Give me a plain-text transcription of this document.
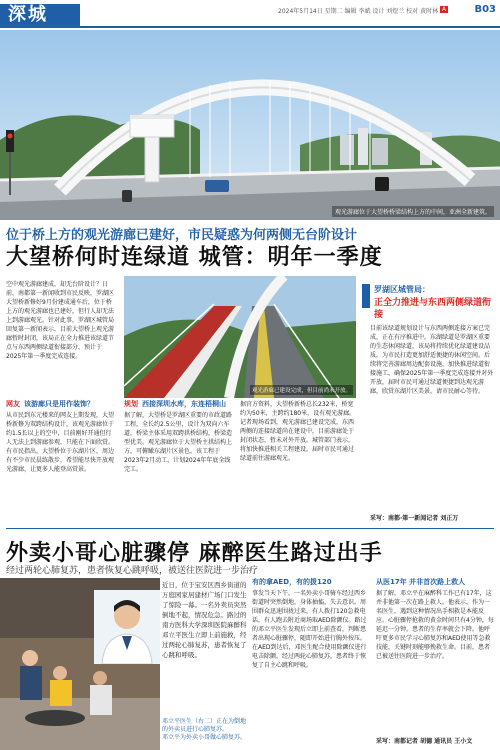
深城	2024年5月14日 星期二 编辑 李斌 设计 刘煜兰 校对 黄时林 A	B03
观光游廊位于大望桥桥梁结构上方的中间，亚洲全新建筑。
位于桥上方的观光游廊已建好，市民疑惑为何两侧无台阶设计
大望桥何时连绿道 城管：明年一季度

空中观光游廊建成，却无台阶设计？日前，南都第一新闻收到市民反映，罗湖区大望桥新修好9月份建成通车后，位于桥上方的观光游廊也已建好，但行人却无法上到游廊观光。针对此事，罗湖区城管局回复第一新闻表示，目前大望桥上观光游廊暂时封闭，该局正在全力推进该绿道节点与东西两侧绿道衔接部分，预计于2025年第一季度完成连接。

观光游廊已建设完成，但目前尚未开放。
罗湖区城管局：
正全力推进与东西两侧绿道衔接

目前该绿道规划设计与东西两侧连接方案已完成，正在有序推进中。东湖绿道是罗湖区重要的生态休闲绿道，该局将持续优化绿道建设品质，为市民打造更加舒适便捷的休闲空间。后续将完善游廊周边配套设施，加快推进绿道衔接施工，确保2025年第一季度完成连接并对外开放，届时市民可通过绿道便捷到达观光游廊，欣赏东湖片区美景，请市民耐心等待。

采写：南都·第一新闻记者 刘正万
网友 该游廊只是用作装饰？
从市民到东元楼来的网友上期发现，大望桥新修为双跨结构设计，该观光游廊位于约1.5长以上的空中，目前刚好开通但行人无法上到游廊参观，只能在下面欣赏。有市民指出，大望桥位于东湖片区，周边有不少市民晨练散步，希望能尽快开放观光游廊，让更多人能登高赏景。
规划 西接深圳水库，东连梧桐山
据了解，大望桥是罗湖区重要的市政道路工程，全长约2.5公里，设计为双向六车道，桥梁主体采用双跨拱桥结构，桥梁造型优美。观光游廊位于大望桥主拱结构上方，可俯瞰东湖片区景色。该工程于2023年2月动工，计划2024年年底全线完工。
据官方资料，大望桥新桥总长232米，桥宽约为50米，主跨约180米，设有观光游廊。记者现场看到，观光游廊已建设完成，东西两侧的连接绿道尚在建设中，目前游廊处于封闭状态，暂未对外开放。城管部门表示，将加快推进相关工程建设，届时市民可通过绿道前往游廊观光。
外卖小哥心脏骤停 麻醉医生路过出手
经过两轮心肺复苏，患者恢复心跳呼吸，被送往医院进一步治疗

近日，位于宝安区西乡街道的万庭园家居建材广场门口发生了惊险一幕。一名外卖员突然倒地不起，情况危急。路过的南方医科大学深圳医院麻醉科邓立平医生立即上前施救，经过两轮心肺复苏，患者恢复了心跳和呼吸。

邓立平医生（右二）正在为倒地的外卖员进行心肺复苏。
邓立平为外卖小哥做心肺复苏。
有的拿AED，有的拨120
事发当天下午，一名外卖小哥骑车经过西乡街道时突然倒地，身体抽搐，失去意识。周围群众迅速围拢过来，有人拨打120急救电话，有人跑去附近商场取AED除颤仪。路过的邓立平医生发现后立即上前查看，判断患者出现心脏骤停，随即开始进行胸外按压。在AED到达后，邓医生配合使用除颤仪进行电击除颤，经过两轮心肺复苏，患者终于恢复了自主心跳和呼吸。
从医17年 并非首次路上救人
据了解，邓立平在麻醉科工作已有17年，这并非他第一次在路上救人。他表示，作为一名医生，遇到这种情况出手相救是本能反应。心脏骤停抢救的黄金时间只有4分钟，每延迟一分钟，患者的生存率就会下降。他呼吁更多市民学习心肺复苏和AED使用等急救技能，关键时刻能够挽救生命。目前，患者已被送往医院进一步治疗。
采写：南都记者 胡德 通讯员 王小文
